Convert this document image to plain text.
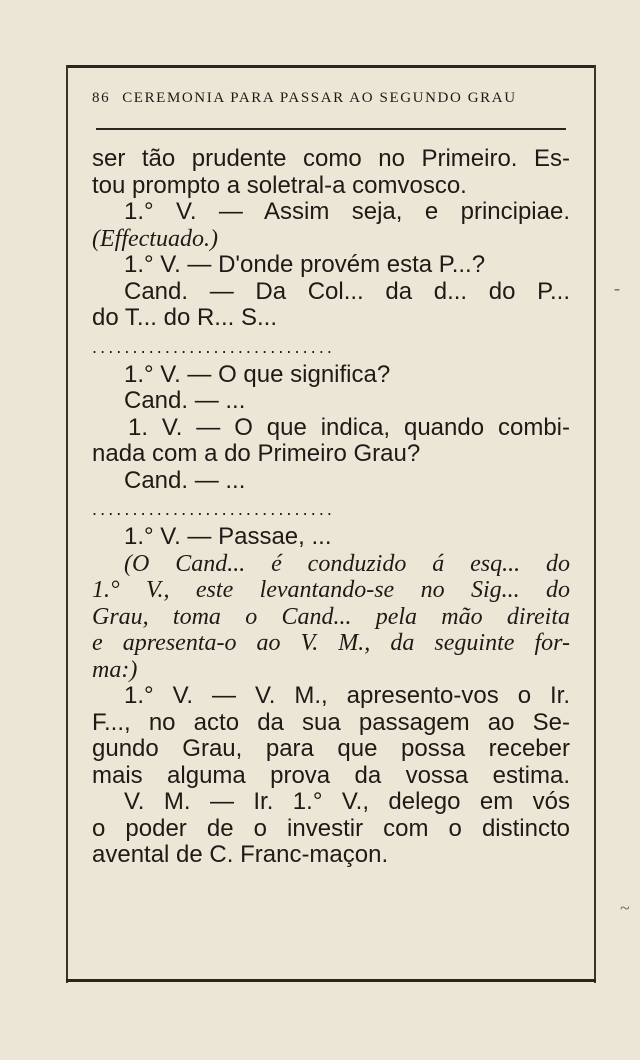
86 CEREMONIA PARA PASSAR AO SEGUNDO GRAU

ser tão prudente como no Primeiro. Es-

tou prompto a soletral-a comvosco.

1.° V. — Assim seja, e principiae.

(Effectuado.)

1.° V. — D'onde provém esta P...?

Cand. — Da Col... da d... do P...

do T... do R... S...

..............................

1.° V. — O que significa?

Cand. — ...

1. V. — O que indica, quando combi-

nada com a do Primeiro Grau?

Cand. — ...

..............................

1.° V. — Passae, ...

(O Cand... é conduzido á esq... do

1.° V., este levantando-se no Sig... do

Grau, toma o Cand... pela mão direita

e apresenta-o ao V. M., da seguinte for-

ma:)

1.° V. — V. M., apresento-vos o Ir.

F..., no acto da sua passagem ao Se-

gundo Grau, para que possa receber

mais alguma prova da vossa estima.

V. M. — Ir. 1.° V., delego em vós

o poder de o investir com o distincto

avental de C. Franc-maçon.

-
~
